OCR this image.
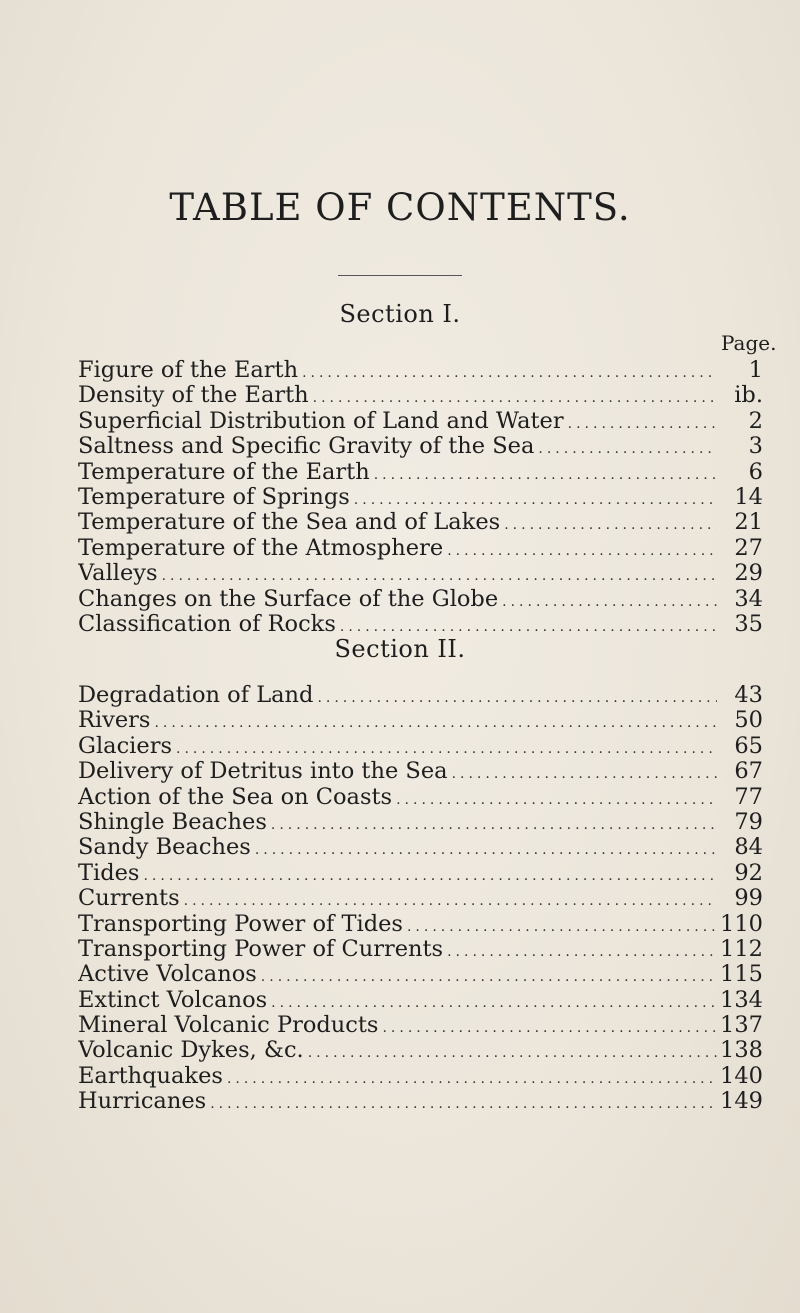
TABLE OF CONTENTS.
Section I.
Page.
Figure of the Earth .....	1
Density of the Earth .....	ib.
Superficial Distribution of Land and Water .....	2
Saltness and Specific Gravity of the Sea .....	3
Temperature of the Earth .....	6
Temperature of Springs .....	14
Temperature of the Sea and of Lakes .....	21
Temperature of the Atmosphere .....	27
Valleys .....	29
Changes on the Surface of the Globe .....	34
Classification of Rocks .....	35
Section II.
Degradation of Land .....	43
Rivers .....	50
Glaciers .....	65
Delivery of Detritus into the Sea .....	67
Action of the Sea on Coasts .....	77
Shingle Beaches .....	79
Sandy Beaches .....	84
Tides .....	92
Currents .....	99
Transporting Power of Tides .....	110
Transporting Power of Currents .....	112
Active Volcanos .....	115
Extinct Volcanos .....	134
Mineral Volcanic Products .....	137
Volcanic Dykes, &c. .....	138
Earthquakes .....	140
Hurricanes .....	149
